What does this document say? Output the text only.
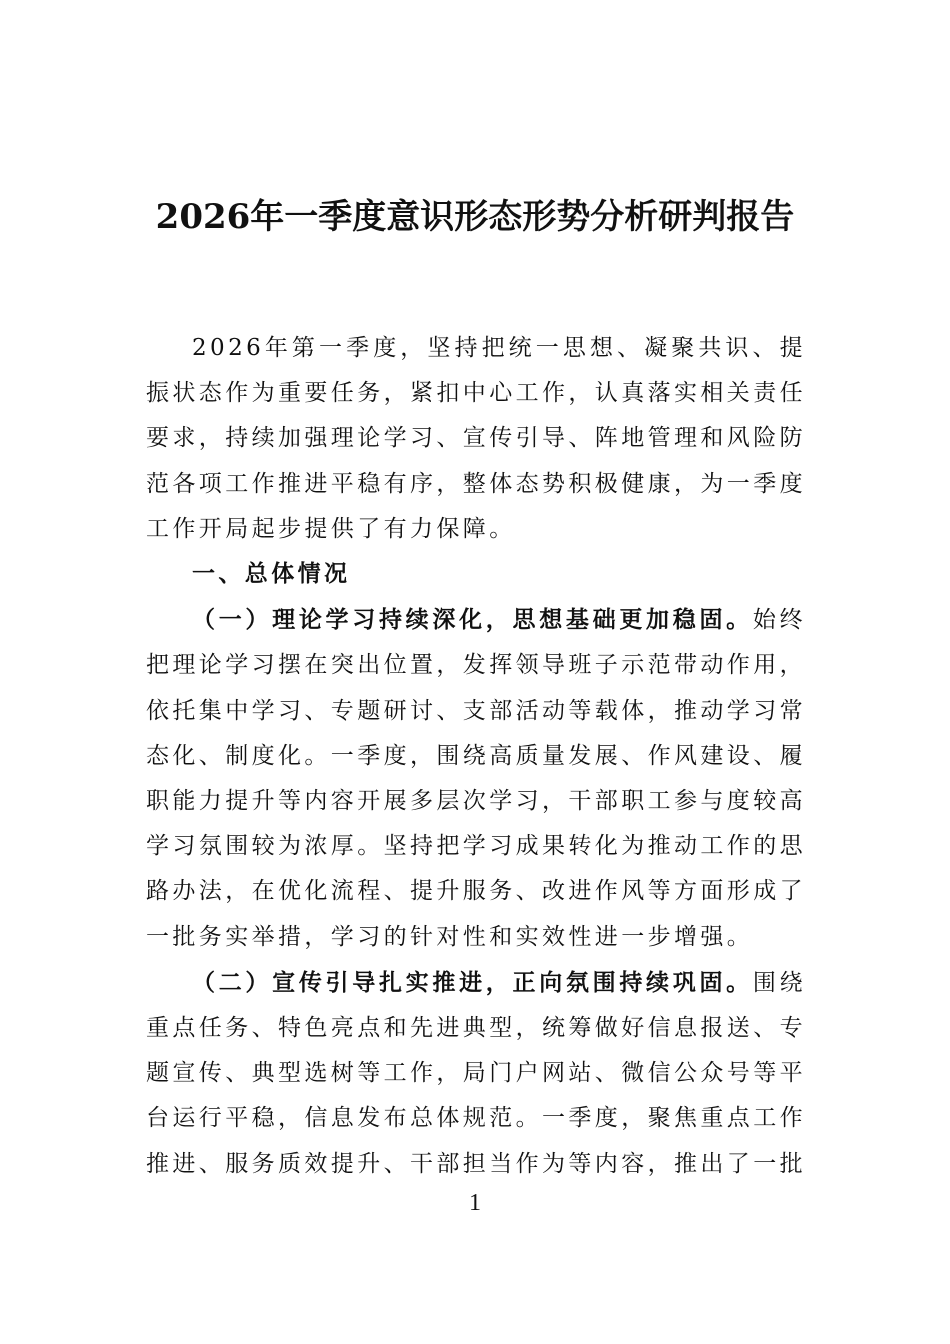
2026年一季度意识形态形势分析研判报告

2026年第一季度，坚持把统一思想、凝聚共识、提振状态作为重要任务，紧扣中心工作，认真落实相关责任要求，持续加强理论学习、宣传引导、阵地管理和风险防范各项工作推进平稳有序，整体态势积极健康，为一季度工作开局起步提供了有力保障。

一、总体情况

（一）理论学习持续深化，思想基础更加稳固。始终把理论学习摆在突出位置，发挥领导班子示范带动作用，依托集中学习、专题研讨、支部活动等载体，推动学习常态化、制度化。一季度，围绕高质量发展、作风建设、履职能力提升等内容开展多层次学习，干部职工参与度较高学习氛围较为浓厚。坚持把学习成果转化为推动工作的思路办法，在优化流程、提升服务、改进作风等方面形成了一批务实举措，学习的针对性和实效性进一步增强。

（二）宣传引导扎实推进，正向氛围持续巩固。围绕重点任务、特色亮点和先进典型，统筹做好信息报送、专题宣传、典型选树等工作，局门户网站、微信公众号等平台运行平稳，信息发布总体规范。一季度，聚焦重点工作推进、服务质效提升、干部担当作为等内容，推出了一批

1
